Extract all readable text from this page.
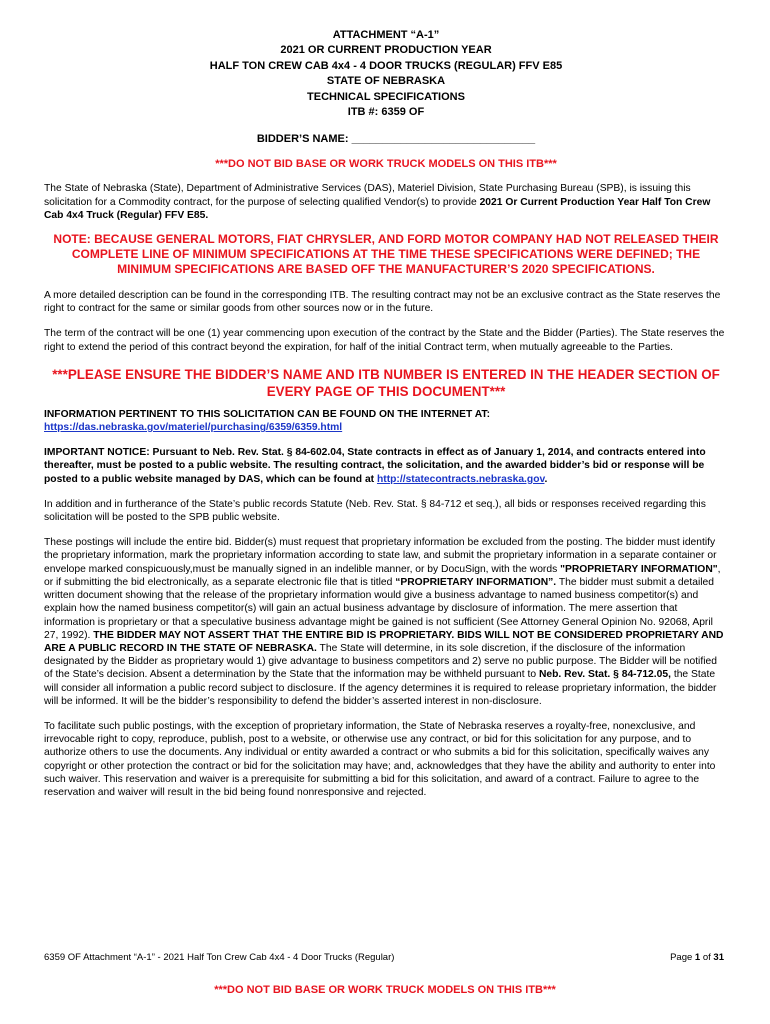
ATTACHMENT “A-1”
2021 OR CURRENT PRODUCTION YEAR
HALF TON CREW CAB 4x4 - 4 DOOR TRUCKS (REGULAR) FFV E85
STATE OF NEBRASKA
TECHNICAL SPECIFICATIONS
ITB #: 6359 OF
BIDDER’S NAME: ______________________________
***DO NOT BID BASE OR WORK TRUCK MODELS ON THIS ITB***

The State of Nebraska (State), Department of Administrative Services (DAS), Materiel Division, State Purchasing Bureau (SPB), is issuing this solicitation for a Commodity contract, for the purpose of selecting qualified Vendor(s) to provide 2021 Or Current Production Year Half Ton Crew Cab 4x4 Truck (Regular) FFV E85.

NOTE: BECAUSE GENERAL MOTORS, FIAT CHRYSLER, AND FORD MOTOR COMPANY HAD NOT RELEASED THEIR COMPLETE LINE OF MINIMUM SPECIFICATIONS AT THE TIME THESE SPECIFICATIONS WERE DEFINED; THE MINIMUM SPECIFICATIONS ARE BASED OFF THE MANUFACTURER’S 2020 SPECIFICATIONS.

A more detailed description can be found in the corresponding ITB. The resulting contract may not be an exclusive contract as the State reserves the right to contract for the same or similar goods from other sources now or in the future.

The term of the contract will be one (1) year commencing upon execution of the contract by the State and the Bidder (Parties). The State reserves the right to extend the period of this contract beyond the expiration, for half of the initial Contract term, when mutually agreeable to the Parties.

***PLEASE ENSURE THE BIDDER’S NAME AND ITB NUMBER IS ENTERED IN THE HEADER SECTION OF EVERY PAGE OF THIS DOCUMENT***

INFORMATION PERTINENT TO THIS SOLICITATION CAN BE FOUND ON THE INTERNET AT:

https://das.nebraska.gov/materiel/purchasing/6359/6359.html

IMPORTANT NOTICE: Pursuant to Neb. Rev. Stat. § 84-602.04, State contracts in effect as of January 1, 2014, and contracts entered into thereafter, must be posted to a public website. The resulting contract, the solicitation, and the awarded bidder’s bid or response will be posted to a public website managed by DAS, which can be found at http://statecontracts.nebraska.gov.

In addition and in furtherance of the State’s public records Statute (Neb. Rev. Stat. § 84-712 et seq.), all bids or responses received regarding this solicitation will be posted to the SPB public website.

These postings will include the entire bid. Bidder(s) must request that proprietary information be excluded from the posting. The bidder must identify the proprietary information, mark the proprietary information according to state law, and submit the proprietary information in a separate container or envelope marked conspicuously,must be manually signed in an indelible manner, or by DocuSign, with the words "PROPRIETARY INFORMATION", or if submitting the bid electronically, as a separate electronic file that is titled “PROPRIETARY INFORMATION”. The bidder must submit a detailed written document showing that the release of the proprietary information would give a business advantage to named business competitor(s) and explain how the named business competitor(s) will gain an actual business advantage by disclosure of information. The mere assertion that information is proprietary or that a speculative business advantage might be gained is not sufficient (See Attorney General Opinion No. 92068, April 27, 1992). THE BIDDER MAY NOT ASSERT THAT THE ENTIRE BID IS PROPRIETARY. BIDS WILL NOT BE CONSIDERED PROPRIETARY AND ARE A PUBLIC RECORD IN THE STATE OF NEBRASKA. The State will determine, in its sole discretion, if the disclosure of the information designated by the Bidder as proprietary would 1) give advantage to business competitors and 2) serve no public purpose. The Bidder will be notified of the State’s decision. Absent a determination by the State that the information may be withheld pursuant to Neb. Rev. Stat. § 84-712.05, the State will consider all information a public record subject to disclosure. If the agency determines it is required to release proprietary information, the bidder will be informed. It will be the bidder’s responsibility to defend the bidder’s asserted interest in non-disclosure.

To facilitate such public postings, with the exception of proprietary information, the State of Nebraska reserves a royalty-free, nonexclusive, and irrevocable right to copy, reproduce, publish, post to a website, or otherwise use any contract, or bid for this solicitation for any purpose, and to authorize others to use the documents. Any individual or entity awarded a contract or who submits a bid for this solicitation, specifically waives any copyright or other protection the contract or bid for the solicitation may have; and, acknowledges that they have the ability and authority to enter into such waiver. This reservation and waiver is a prerequisite for submitting a bid for this solicitation, and award of a contract. Failure to agree to the reservation and waiver will result in the bid being found nonresponsive and rejected.

6359 OF Attachment “A-1” - 2021 Half Ton Crew Cab 4x4 - 4 Door Trucks (Regular)	Page 1 of 31
***DO NOT BID BASE OR WORK TRUCK MODELS ON THIS ITB***
